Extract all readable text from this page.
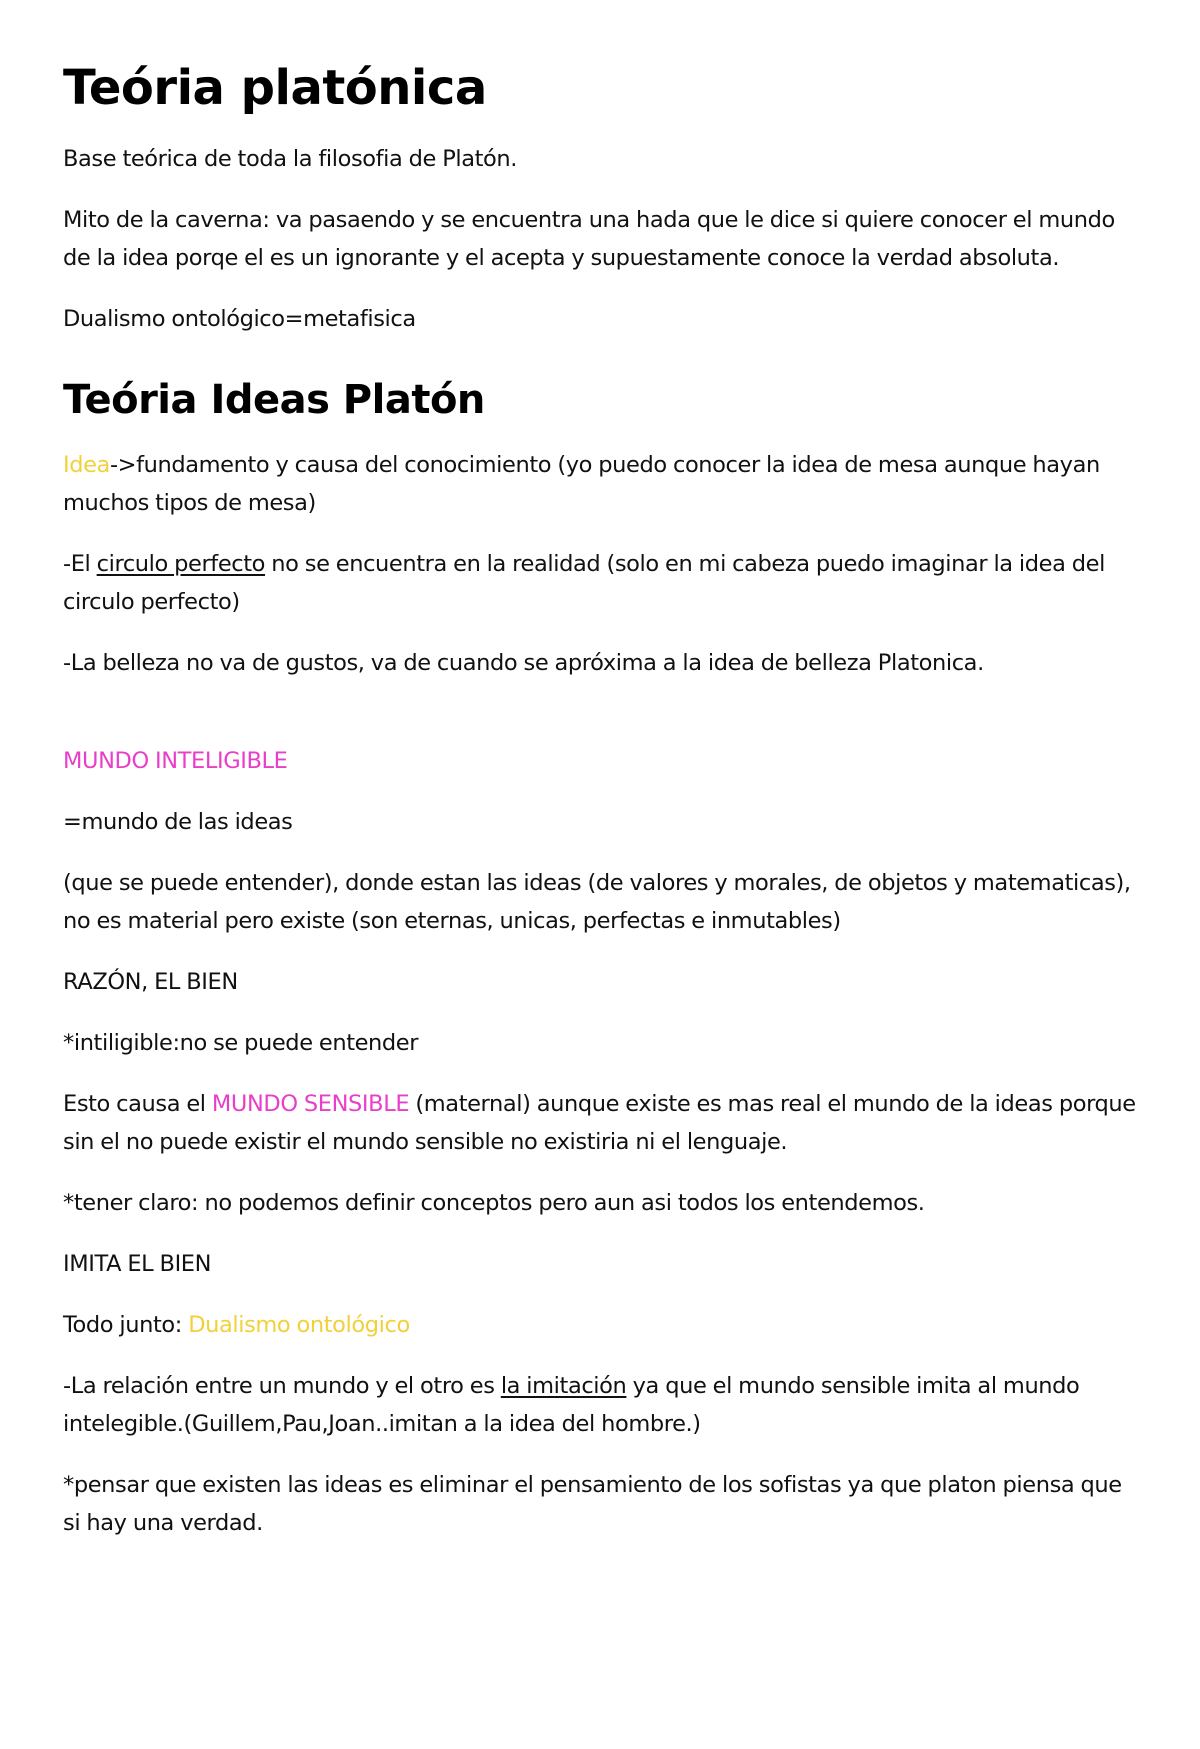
Teória platónica

Base teórica de toda la filosofia de Platón.

Mito de la caverna: va pasaendo y se encuentra una hada que le dice si quiere conocer el mundo de la idea porqe el es un ignorante y el acepta y supuestamente conoce la verdad absoluta.

Dualismo ontológico=metafisica

Teória Ideas Platón

Idea->fundamento y causa del conocimiento (yo puedo conocer la idea de mesa aunque hayan muchos tipos de mesa)

-El circulo perfecto no se encuentra en la realidad (solo en mi cabeza puedo imaginar la idea del circulo perfecto)

-La belleza no va de gustos, va de cuando se apróxima a la idea de belleza Platonica.

MUNDO INTELIGIBLE

=mundo de las ideas

(que se puede entender), donde estan las ideas (de valores y morales, de objetos y matematicas), no es material pero existe (son eternas, unicas, perfectas e inmutables)

RAZÓN, EL BIEN

*intiligible:no se puede entender

Esto causa el MUNDO SENSIBLE (maternal) aunque existe es mas real el mundo de la ideas porque sin el no puede existir el mundo sensible no existiria ni el lenguaje.

*tener claro: no podemos definir conceptos pero aun asi todos los entendemos.

IMITA EL BIEN

Todo junto: Dualismo ontológico

-La relación entre un mundo y el otro es la imitación ya que el mundo sensible imita al mundo intelegible.(Guillem,Pau,Joan..imitan a la idea del hombre.)

*pensar que existen las ideas es eliminar el pensamiento de los sofistas ya que platon piensa que si hay una verdad.
